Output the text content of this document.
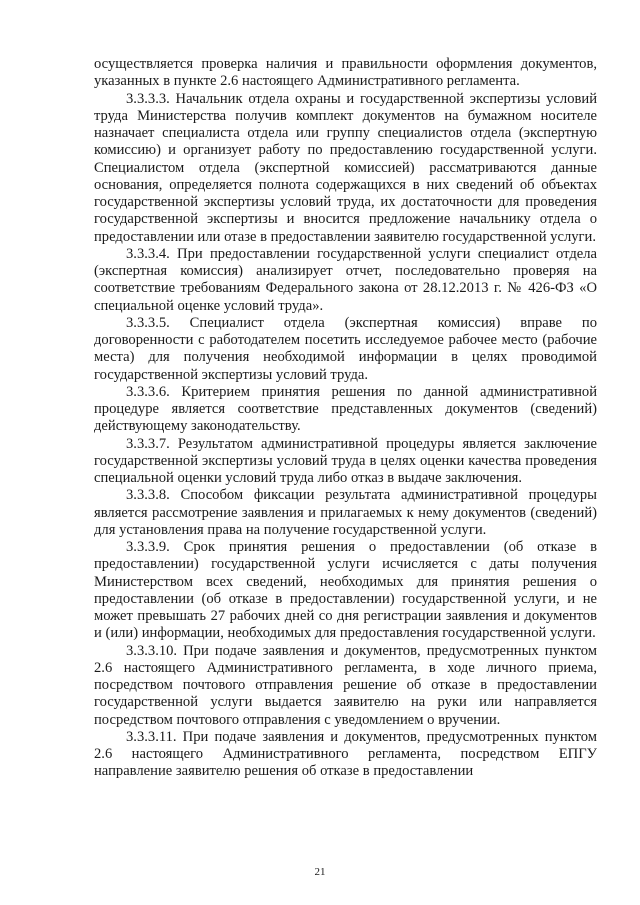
осуществляется проверка наличия и правильности оформления документов, указанных в пункте 2.6 настоящего Административного регламента.

3.3.3.3. Начальник отдела охраны и государственной экспертизы условий труда Министерства получив комплект документов на бумажном носителе назначает специалиста отдела или группу специалистов отдела (экспертную комиссию) и организует работу по предоставлению государственной услуги. Специалистом отдела (экспертной комиссией) рассматриваются данные основания, определяется полнота содержащихся в них сведений об объектах государственной экспертизы условий труда, их достаточности для проведения государственной экспертизы и вносится предложение начальнику отдела о предоставлении или отазе в предоставлении заявителю государственной услуги.

3.3.3.4. При предоставлении государственной услуги специалист отдела (экспертная комиссия) анализирует отчет, последовательно проверяя на соответствие требованиям Федерального закона от 28.12.2013 г. № 426-ФЗ «О специальной оценке условий труда».

3.3.3.5. Специалист отдела (экспертная комиссия) вправе по договоренности с работодателем посетить исследуемое рабочее место (рабочие места) для получения необходимой информации в целях проводимой государственной экспертизы условий труда.

3.3.3.6. Критерием принятия решения по данной административной процедуре является соответствие представленных документов (сведений) действующему законодательству.

3.3.3.7. Результатом административной процедуры является заключение государственной экспертизы условий труда в целях оценки качества проведения специальной оценки условий труда либо отказ в выдаче заключения.

3.3.3.8. Способом фиксации результата административной процедуры является рассмотрение заявления и прилагаемых к нему документов (сведений) для установления права на получение государственной услуги.

3.3.3.9. Срок принятия решения о предоставлении (об отказе в предоставлении) государственной услуги исчисляется с даты получения Министерством всех сведений, необходимых для принятия решения о предоставлении (об отказе в предоставлении) государственной услуги, и не может превышать 27 рабочих дней со дня регистрации заявления и документов и (или) информации, необходимых для предоставления государственной услуги.

3.3.3.10. При подаче заявления и документов, предусмотренных пунктом 2.6 настоящего Административного регламента, в ходе личного приема, посредством почтового отправления решение об отказе в предоставлении государственной услуги выдается заявителю на руки или направляется посредством почтового отправления с уведомлением о вручении.

3.3.3.11. При подаче заявления и документов, предусмотренных пунктом 2.6 настоящего Административного регламента, посредством ЕПГУ направление заявителю решения об отказе в предоставлении

21
